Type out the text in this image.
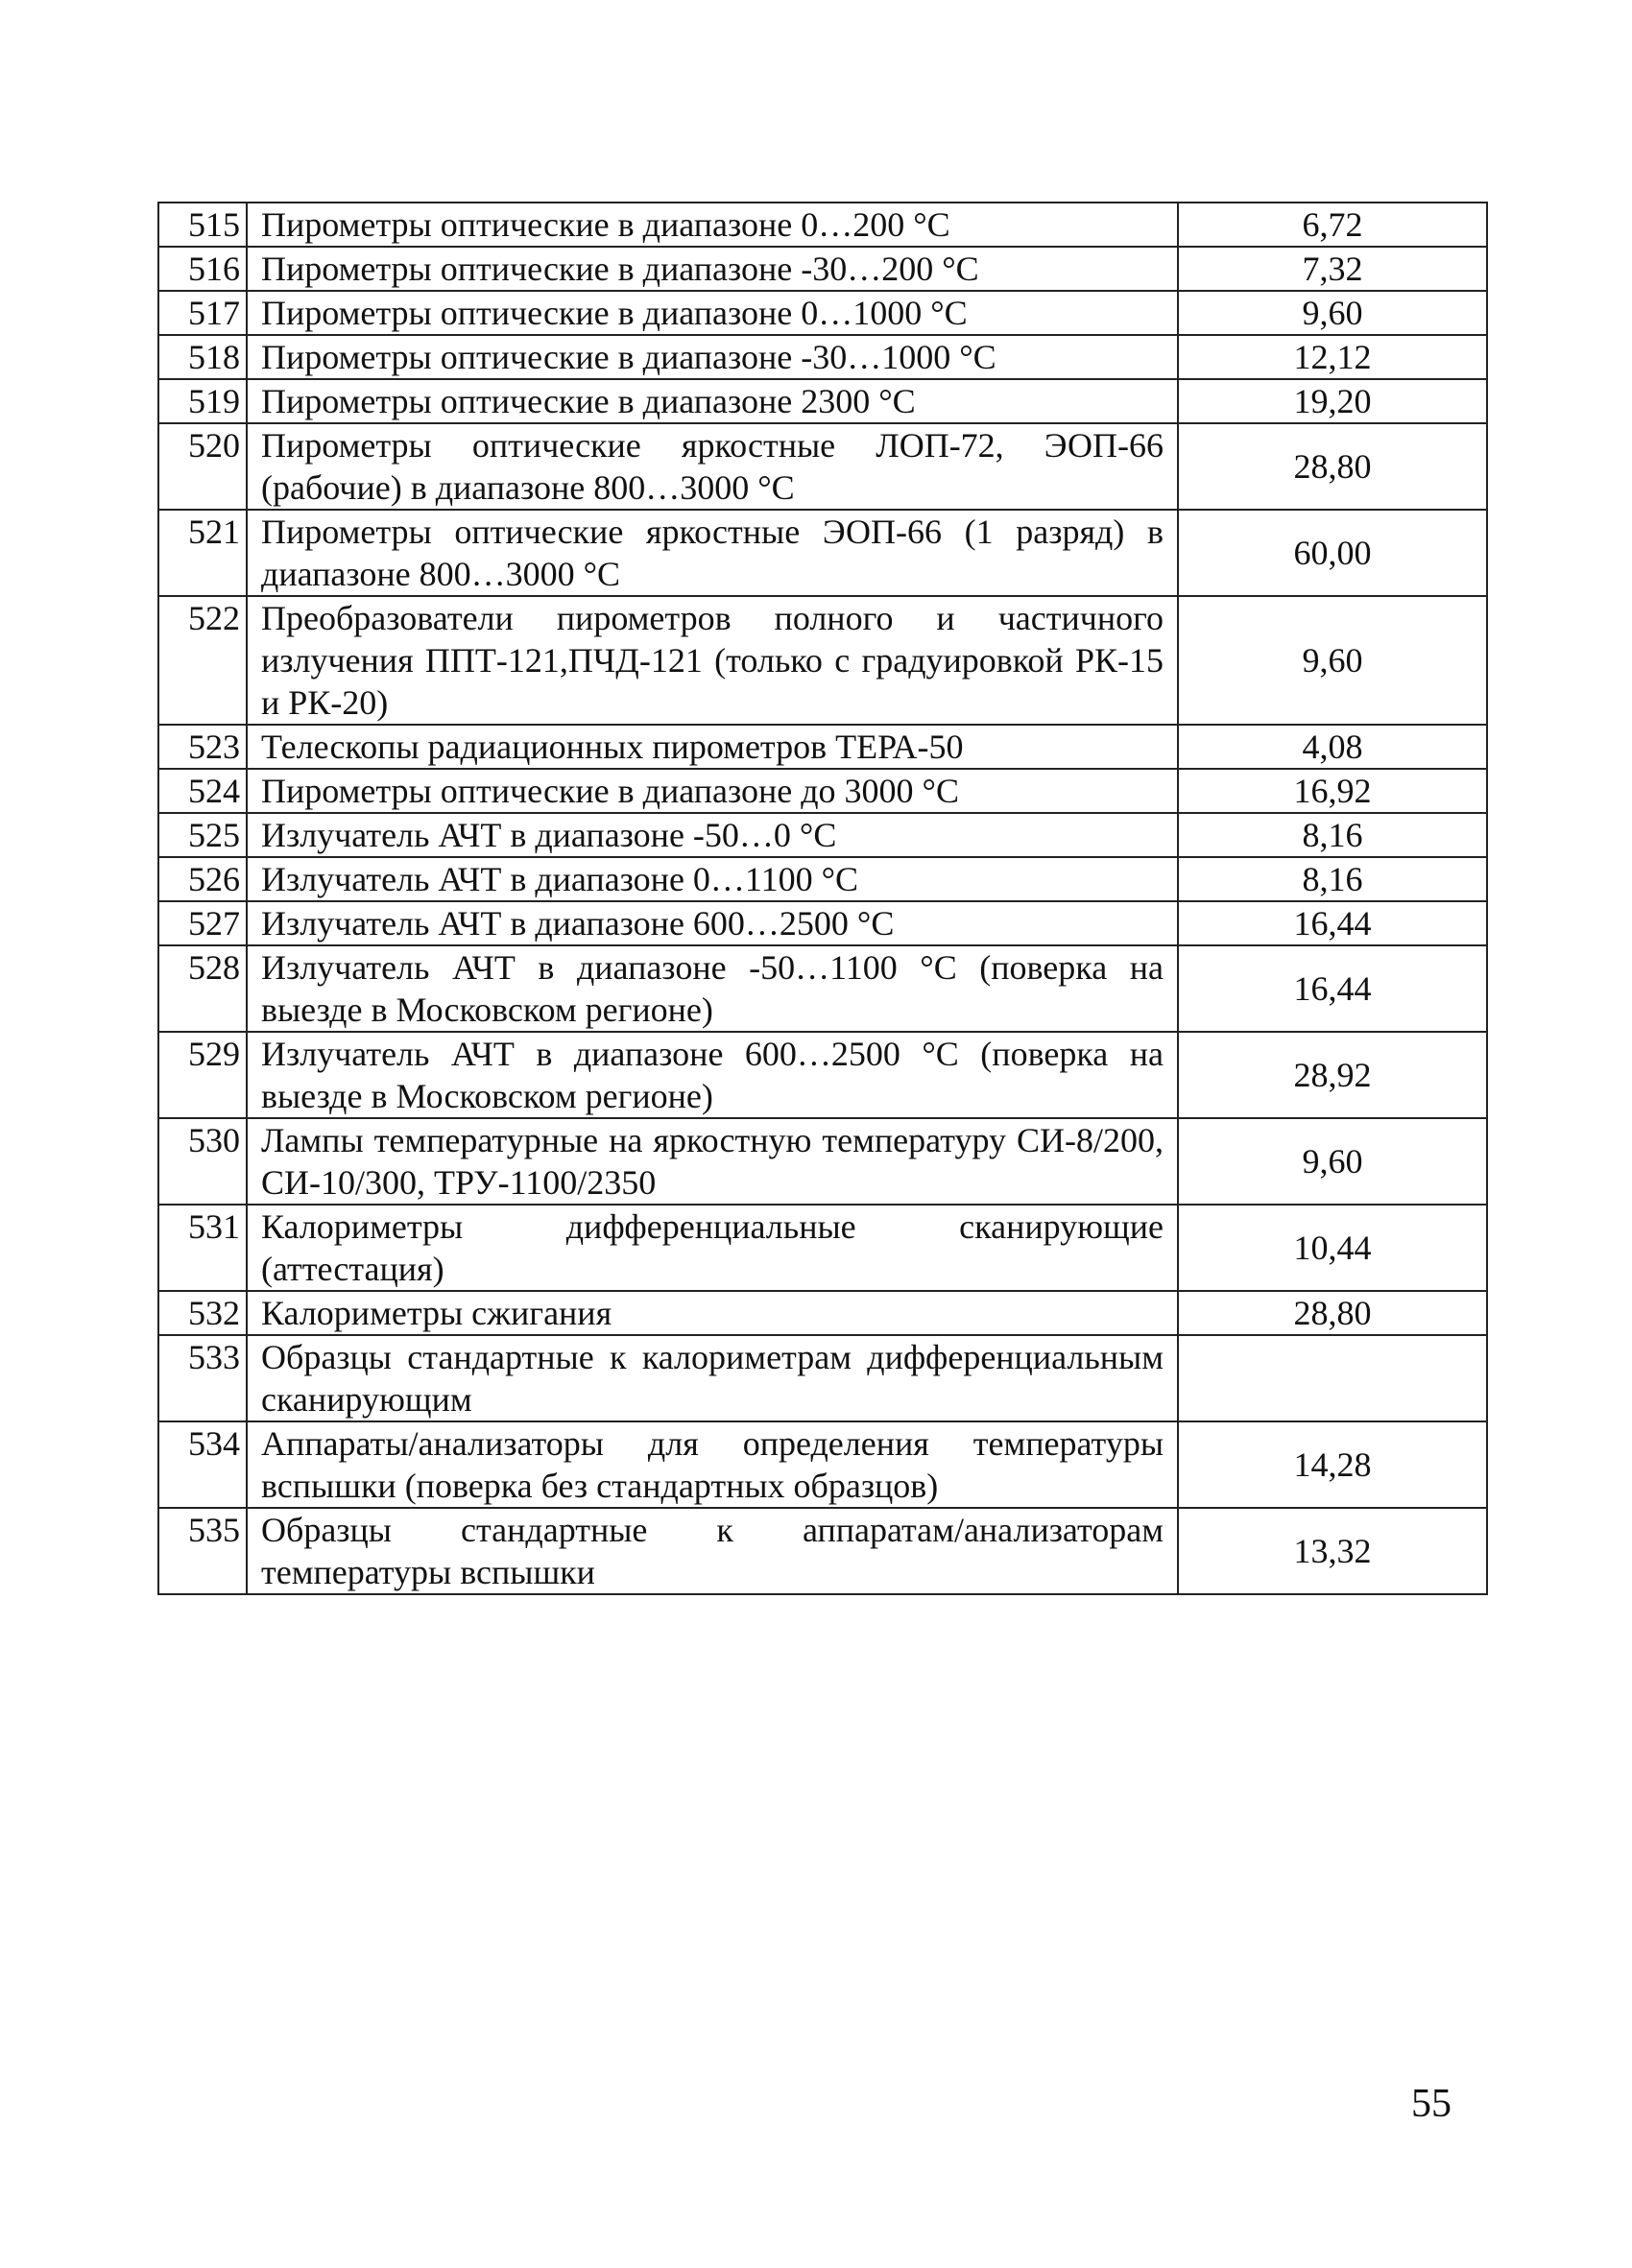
515	Пирометры оптические в диапазоне 0…200 °С	6,72
516	Пирометры оптические в диапазоне -30…200 °С	7,32
517	Пирометры оптические в диапазоне 0…1000 °С	9,60
518	Пирометры оптические в диапазоне -30…1000 °С	12,12
519	Пирометры оптические в диапазоне 2300 °С	19,20
520	Пирометры оптические яркостные ЛОП-72, ЭОП-66 (рабочие) в диапазоне 800…3000 °С	28,80
521	Пирометры оптические яркостные ЭОП-66 (1 разряд) в диапазоне 800…3000 °С	60,00
522	Преобразователи пирометров полного и частичного излучения ППТ-121,ПЧД-121 (только с градуировкой РК-15 и РК-20)	9,60
523	Телескопы радиационных пирометров ТЕРА-50	4,08
524	Пирометры оптические в диапазоне до 3000 °С	16,92
525	Излучатель АЧТ в диапазоне -50…0 °С	8,16
526	Излучатель АЧТ в диапазоне 0…1100 °С	8,16
527	Излучатель АЧТ в диапазоне 600…2500 °С	16,44
528	Излучатель АЧТ в диапазоне -50…1100 °С (поверка на выезде в Московском регионе)	16,44
529	Излучатель АЧТ в диапазоне 600…2500 °С (поверка на выезде в Московском регионе)	28,92
530	Лампы температурные на яркостную температуру СИ-8/200, СИ-10/300, ТРУ-1100/2350	9,60
531	Калориметры дифференциальные сканирующие (аттестация)	10,44
532	Калориметры сжигания	28,80
533	Образцы стандартные к калориметрам дифференциальным сканирующим	
534	Аппараты/анализаторы для определения температуры вспышки (поверка без стандартных образцов)	14,28
535	Образцы стандартные к аппаратам/анализаторам температуры вспышки	13,32
55
